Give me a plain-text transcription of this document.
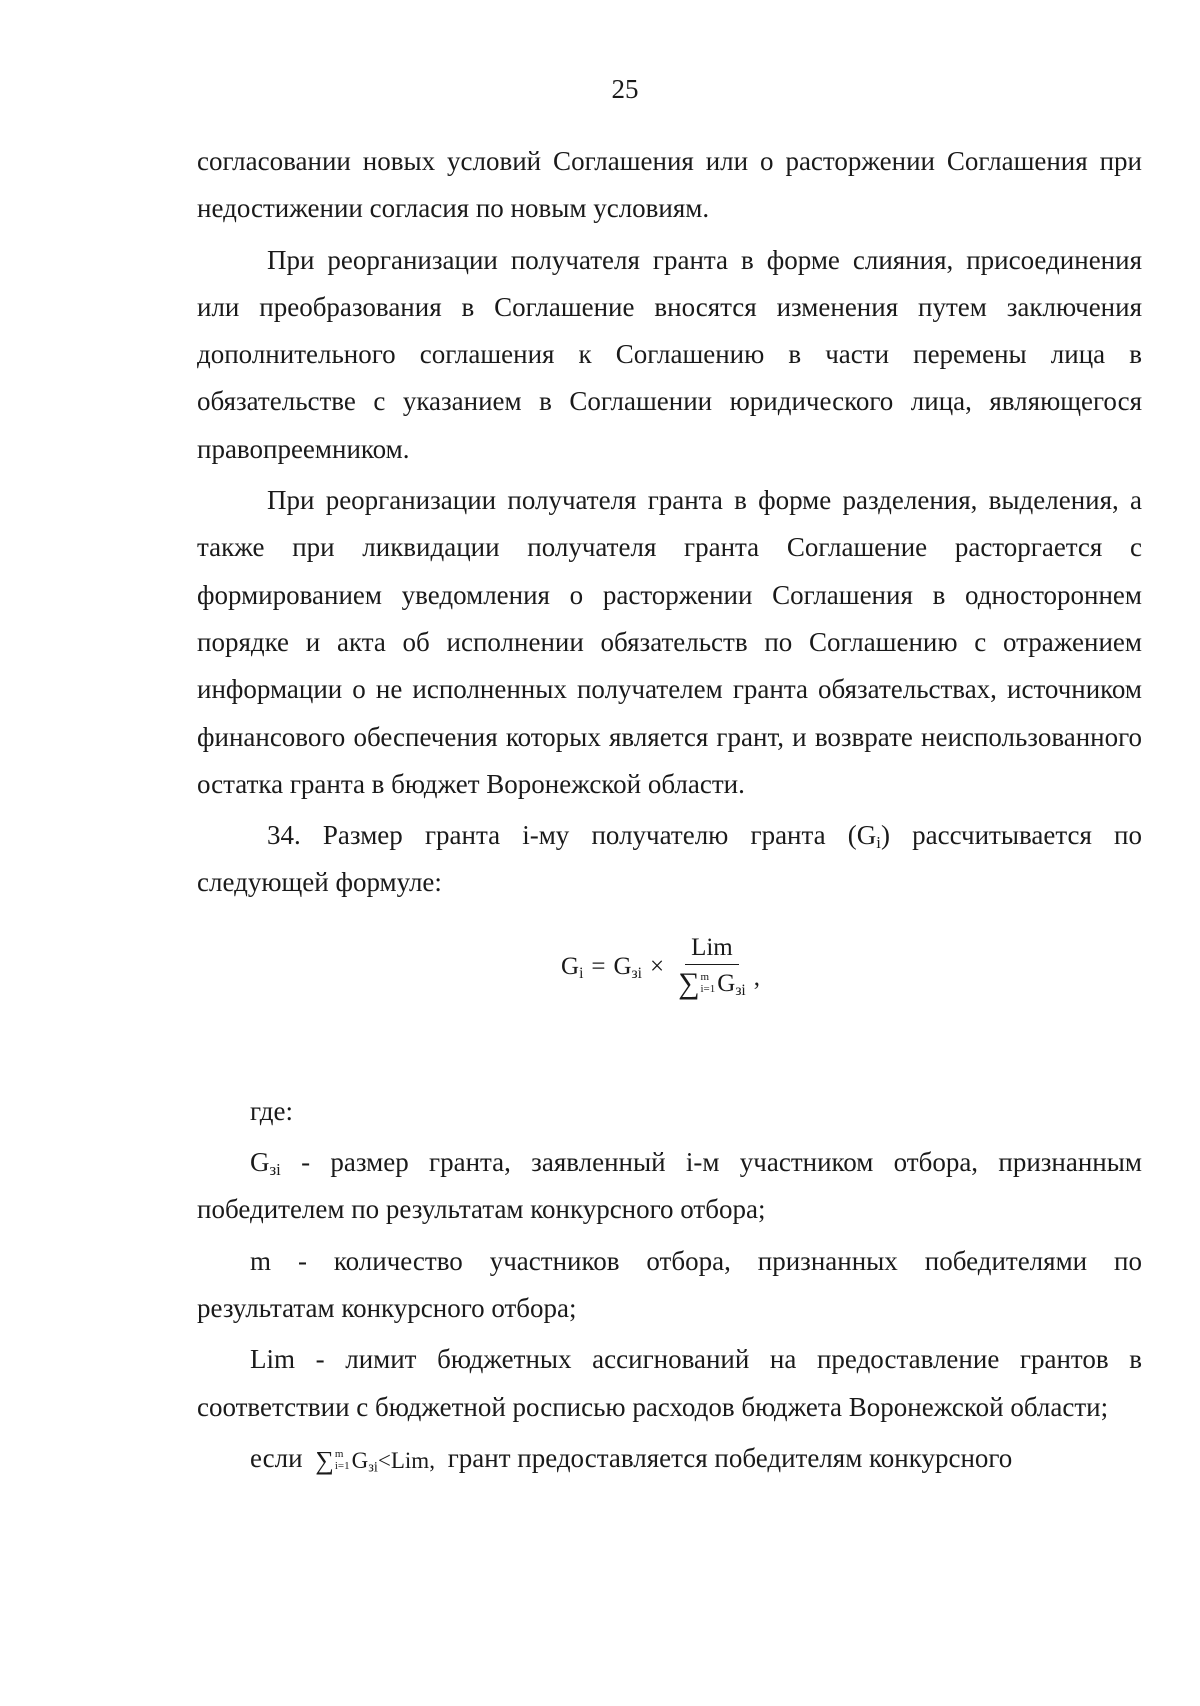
25

согласовании новых условий Соглашения или о расторжении Соглашения при недостижении согласия по новым условиям.

При реорганизации получателя гранта в форме слияния, присоединения или преобразования в Соглашение вносятся изменения путем заключения дополнительного соглашения к Соглашению в части перемены лица в обязательстве с указанием в Соглашении юридического лица, являющегося правопреемником.

При реорганизации получателя гранта в форме разделения, выделения, а также при ликвидации получателя гранта Соглашение расторгается с формированием уведомления о расторжении Соглашения в одностороннем порядке и акта об исполнении обязательств по Соглашению с отражением информации о не исполненных получателем гранта обязательствах, источником финансового обеспечения которых является грант, и возврате неиспользованного остатка гранта в бюджет Воронежской области.

34. Размер гранта i-му получателю гранта $(G_i)$ рассчитывается по следующей формуле:

$G_i = G_{зi}$ ×
Lim
∑ m
i=1 $G_{зi}$ ,

где:

$G_{зi}$ - размер гранта, заявленный i-м участником отбора, признанным победителем по результатам конкурсного отбора;

m - количество участников отбора, признанных победителями по результатам конкурсного отбора;

Lim - лимит бюджетных ассигнований на предоставление грантов в соответствии с бюджетной росписью расходов бюджета Воронежской области;

если ∑ m
i=1 $G_{зi}$ < Lim , грант предоставляется победителям конкурсного
